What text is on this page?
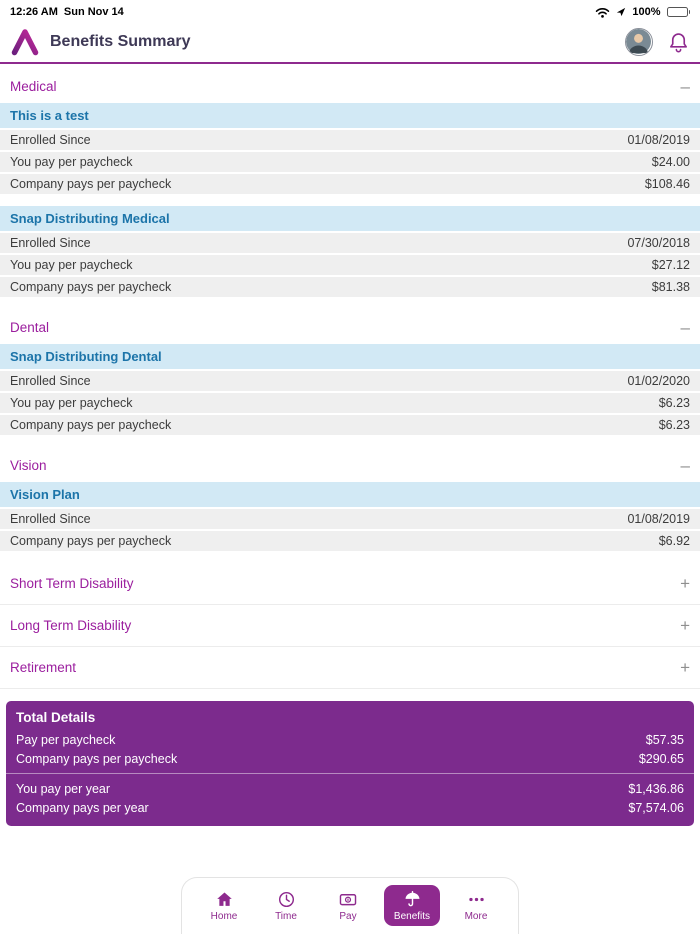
12:26 AM Sun Nov 14	100%
Benefits Summary
Medical	–
This is a test
Enrolled Since	01/08/2019
You pay per paycheck	$24.00
Company pays per paycheck	$108.46
Snap Distributing Medical
Enrolled Since	07/30/2018
You pay per paycheck	$27.12
Company pays per paycheck	$81.38
Dental	–
Snap Distributing Dental
Enrolled Since	01/02/2020
You pay per paycheck	$6.23
Company pays per paycheck	$6.23
Vision	–
Vision Plan
Enrolled Since	01/08/2019
Company pays per paycheck	$6.92
Short Term Disability	+
Long Term Disability	+
Retirement	+
Total Details
Pay per paycheck	$57.35
Company pays per paycheck	$290.65
You pay per year	$1,436.86
Company pays per year	$7,574.06
Home	Time	Pay	Benefits	More
